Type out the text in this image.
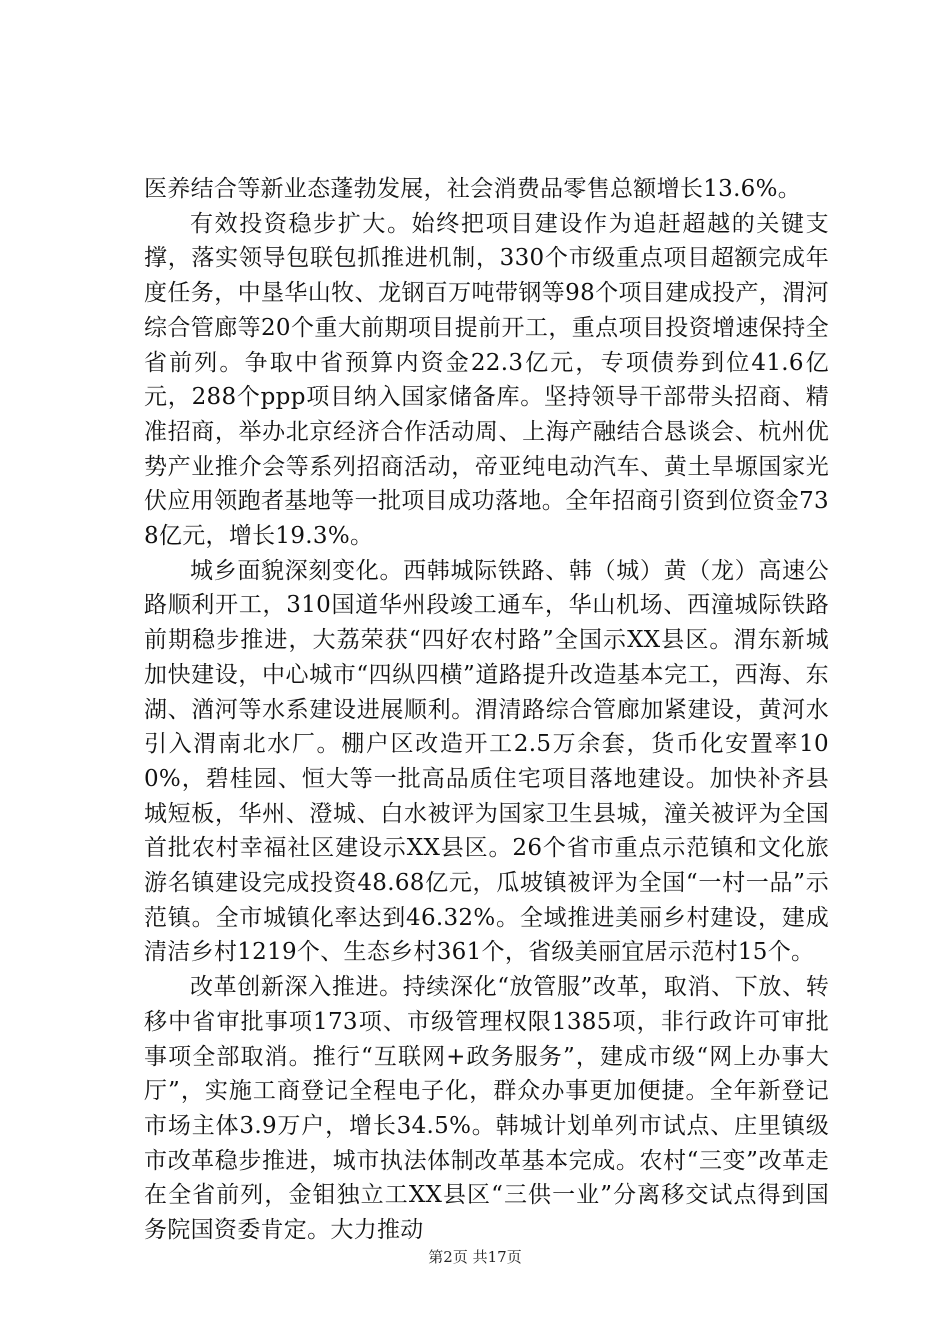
医养结合等新业态蓬勃发展，社会消费品零售总额增长13.6%。

有效投资稳步扩大。始终把项目建设作为追赶超越的关键支撑，落实领导包联包抓推进机制，330个市级重点项目超额完成年度任务，中垦华山牧、龙钢百万吨带钢等98个项目建成投产，渭河综合管廊等20个重大前期项目提前开工，重点项目投资增速保持全省前列。争取中省预算内资金22.3亿元，专项债券到位41.6亿元，288个ppp项目纳入国家储备库。坚持领导干部带头招商、精准招商，举办北京经济合作活动周、上海产融结合恳谈会、杭州优势产业推介会等系列招商活动，帝亚纯电动汽车、黄土旱塬国家光伏应用领跑者基地等一批项目成功落地。全年招商引资到位资金738亿元，增长19.3%。

城乡面貌深刻变化。西韩城际铁路、韩（城）黄（龙）高速公路顺利开工，310国道华州段竣工通车，华山机场、西潼城际铁路前期稳步推进，大荔荣获“四好农村路”全国示XX县区。渭东新城加快建设，中心城市“四纵四横”道路提升改造基本完工，西海、东湖、湭河等水系建设进展顺利。渭清路综合管廊加紧建设，黄河水引入渭南北水厂。棚户区改造开工2.5万余套，货币化安置率100%，碧桂园、恒大等一批高品质住宅项目落地建设。加快补齐县城短板，华州、澄城、白水被评为国家卫生县城，潼关被评为全国首批农村幸福社区建设示XX县区。26个省市重点示范镇和文化旅游名镇建设完成投资48.68亿元，瓜坡镇被评为全国“一村一品”示范镇。全市城镇化率达到46.32%。全域推进美丽乡村建设，建成清洁乡村1219个、生态乡村361个，省级美丽宜居示范村15个。

改革创新深入推进。持续深化“放管服”改革，取消、下放、转移中省审批事项173项、市级管理权限1385项，非行政许可审批事项全部取消。推行“互联网+政务服务”，建成市级“网上办事大厅”，实施工商登记全程电子化，群众办事更加便捷。全年新登记市场主体3.9万户，增长34.5%。韩城计划单列市试点、庄里镇级市改革稳步推进，城市执法体制改革基本完成。农村“三变”改革走在全省前列，金钼独立工XX县区“三供一业”分离移交试点得到国务院国资委肯定。大力推动

第2页 共17页
